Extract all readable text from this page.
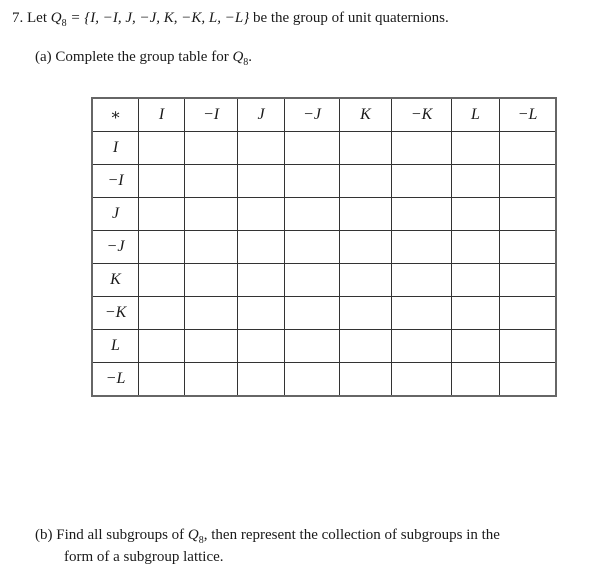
7. Let $Q_8 = \{I$, −I, J, −J, K, −K, L, −L} be the group of unit quaternions.
(a) Complete the group table for $Q_8$.
∗	I	−I	J	−J	K	−K	L	−L
I								
−I								
J								
−J								
K								
−K								
L								
−L								
(b) Find all subgroups of $Q_8$, then represent the collection of subgroups in the
form of a subgroup lattice.
